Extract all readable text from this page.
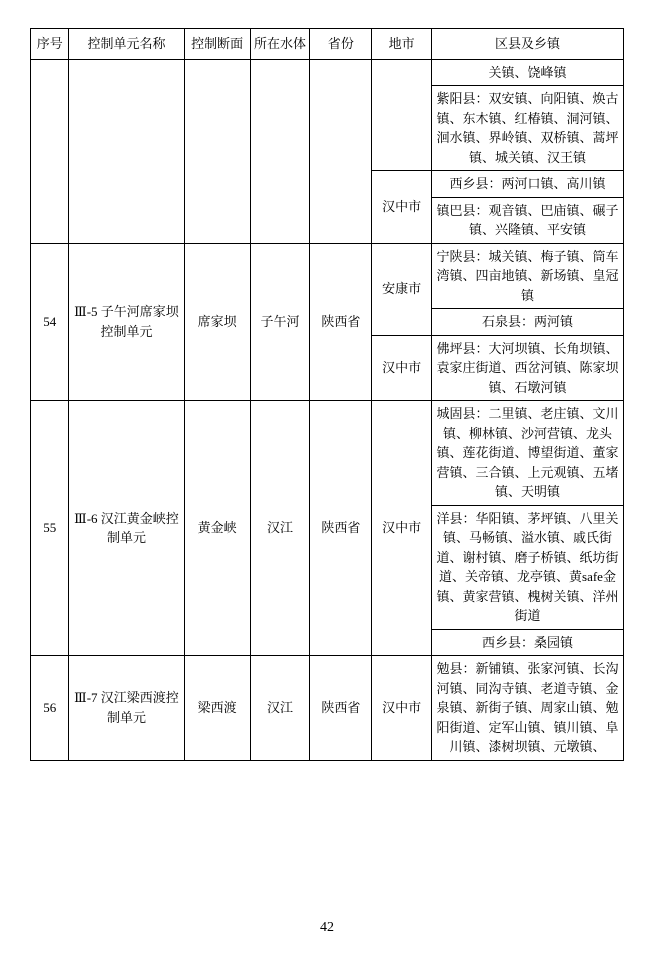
序号	控制单元名称	控制断面	所在水体	省份	地市	区县及乡镇
						关镇、饶峰镇
						紫阳县：双安镇、向阳镇、焕古镇、东木镇、红椿镇、洞河镇、洄水镇、界岭镇、双桥镇、蒿坪镇、城关镇、汉王镇
					汉中市	西乡县：两河口镇、高川镇
						镇巴县：观音镇、巴庙镇、碾子镇、兴隆镇、平安镇
54	Ⅲ-5 子午河席家坝控制单元	席家坝	子午河	陕西省	安康市	宁陕县：城关镇、梅子镇、筒车湾镇、四亩地镇、新场镇、皇冠镇
						石泉县：两河镇
					汉中市	佛坪县：大河坝镇、长角坝镇、袁家庄街道、西岔河镇、陈家坝镇、石墩河镇
55	Ⅲ-6 汉江黄金峡控制单元	黄金峡	汉江	陕西省	汉中市	城固县：二里镇、老庄镇、文川镇、柳林镇、沙河营镇、龙头镇、莲花街道、博望街道、董家营镇、三合镇、上元观镇、五堵镇、天明镇
						洋县：华阳镇、茅坪镇、八里关镇、马畅镇、溢水镇、戚氏街道、谢村镇、磨子桥镇、纸坊街道、关帝镇、龙亭镇、黄safe金镇、黄家营镇、槐树关镇、洋州街道
						西乡县：桑园镇
56	Ⅲ-7 汉江梁西渡控制单元	梁西渡	汉江	陕西省	汉中市	勉县：新铺镇、张家河镇、长沟河镇、同沟寺镇、老道寺镇、金泉镇、新街子镇、周家山镇、勉阳街道、定军山镇、镇川镇、阜川镇、漆树坝镇、元墩镇、
42
